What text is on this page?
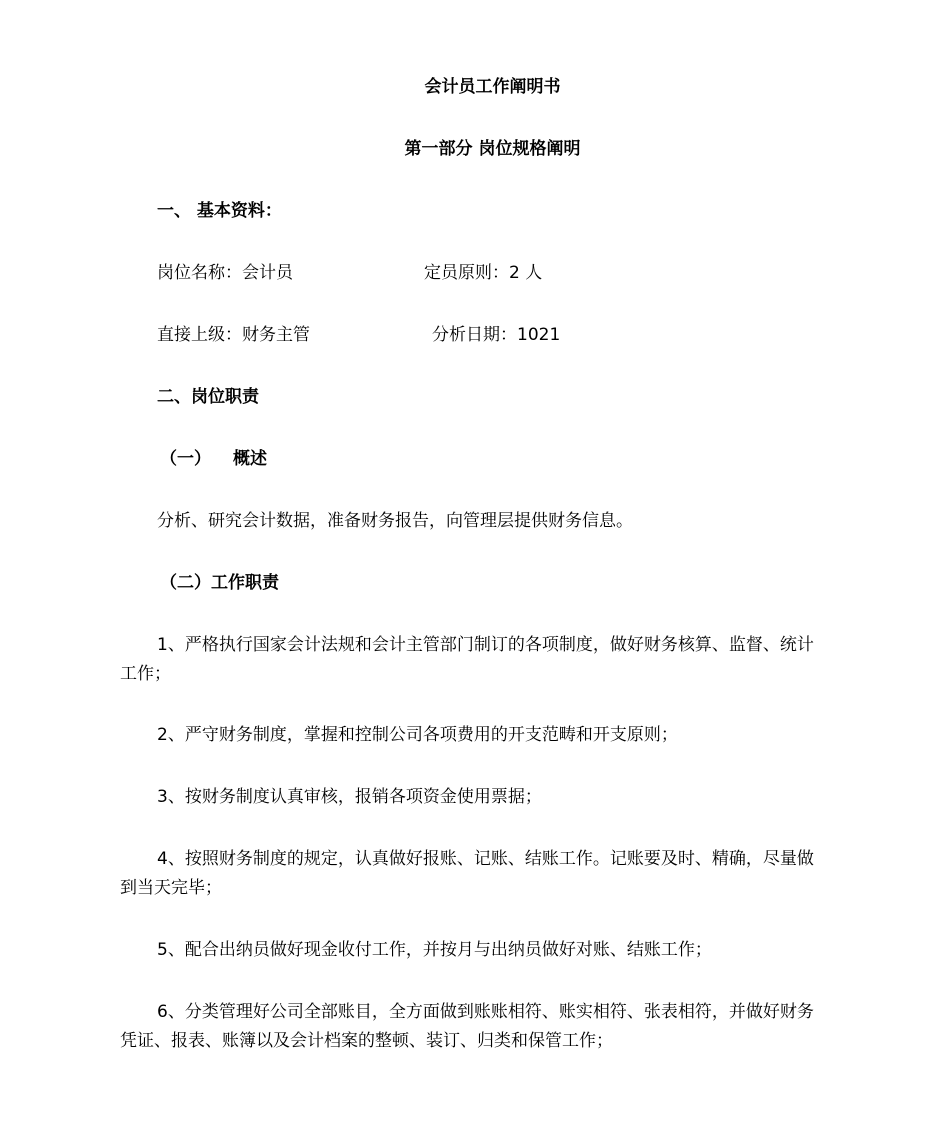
会计员工作阐明书
第一部分 岗位规格阐明
一、 基本资料：
岗位名称：会计员	定员原则：2 人
直接上级：财务主管	分析日期：1021
二、岗位职责
（一） 概述
分析、研究会计数据，准备财务报告，向管理层提供财务信息。
（二）工作职责
1、严格执行国家会计法规和会计主管部门制订的各项制度，做好财务核算、监督、统计工作；
2、严守财务制度，掌握和控制公司各项费用的开支范畴和开支原则；
3、按财务制度认真审核，报销各项资金使用票据；
4、按照财务制度的规定，认真做好报账、记账、结账工作。记账要及时、精确，尽量做到当天完毕；
5、配合出纳员做好现金收付工作，并按月与出纳员做好对账、结账工作；
6、分类管理好公司全部账目，全方面做到账账相符、账实相符、张表相符，并做好财务凭证、报表、账簿以及会计档案的整顿、装订、归类和保管工作；
